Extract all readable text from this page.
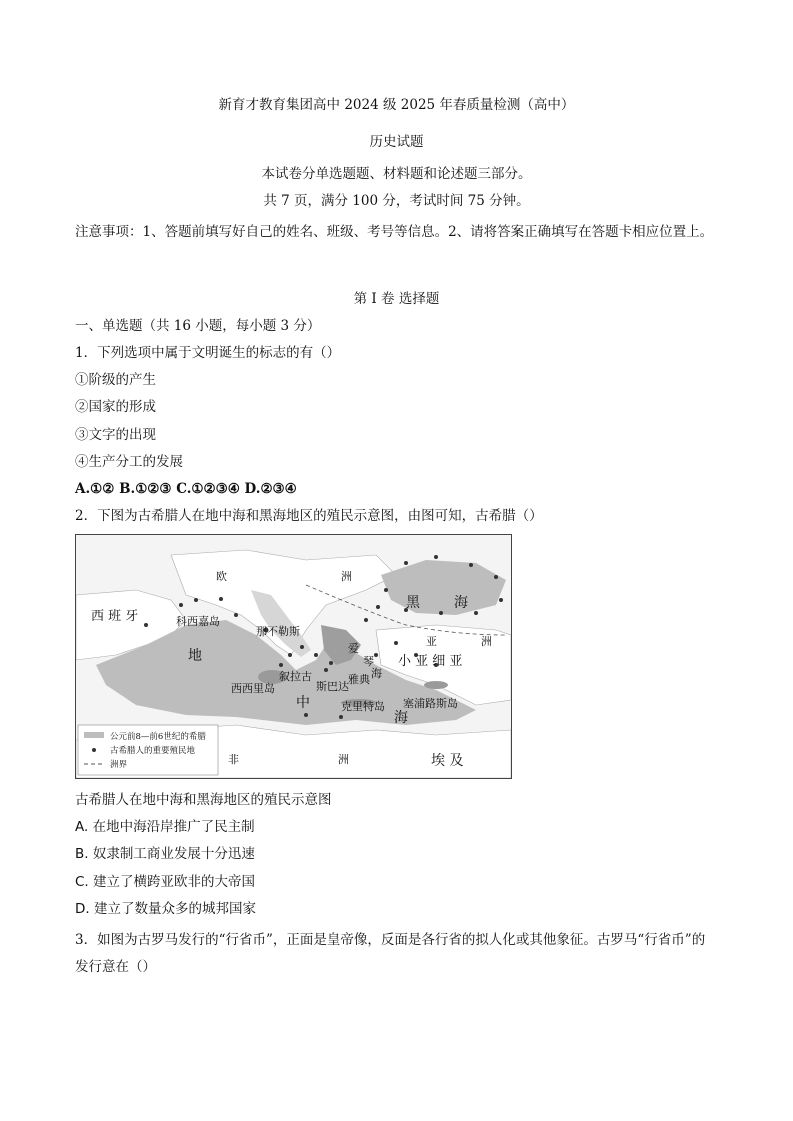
新育才教育集团高中 2024 级 2025 年春质量检测（高中）
历史试题
本试卷分单选题题、材料题和论述题三部分。
共 7 页，满分 100 分，考试时间 75 分钟。
注意事项：1、答题前填写好自己的姓名、班级、考号等信息。2、请将答案正确填写在答题卡相应位置上。
第 I 卷 选择题
一、单选题（共 16 小题，每小题 3 分）
1．下列选项中属于文明诞生的标志的有（）
①阶级的产生
②国家的形成
③文字的出现
④生产分工的发展
A.①② B.①②③ C.①②③④ D.②③④
2．下图为古希腊人在地中海和黑海地区的殖民示意图，由图可知，古希腊（）
欧	洲
西 班 牙
黑 海
科西嘉岛
那不勒斯
亚	洲
小 亚 细 亚
爱
琴
海
雅典
斯巴达
叙拉古
西西里岛
克里特岛 塞浦路斯岛
地
中
海
非	洲	埃 及
公元前8—前6世纪的希腊
古希腊人的重要殖民地
洲界
古希腊人在地中海和黑海地区的殖民示意图
A. 在地中海沿岸推广了民主制
B. 奴隶制工商业发展十分迅速
C. 建立了横跨亚欧非的大帝国
D. 建立了数量众多的城邦国家
3．如图为古罗马发行的“行省币”，正面是皇帝像，反面是各行省的拟人化或其他象征。古罗马“行省币”的发行意在（）
